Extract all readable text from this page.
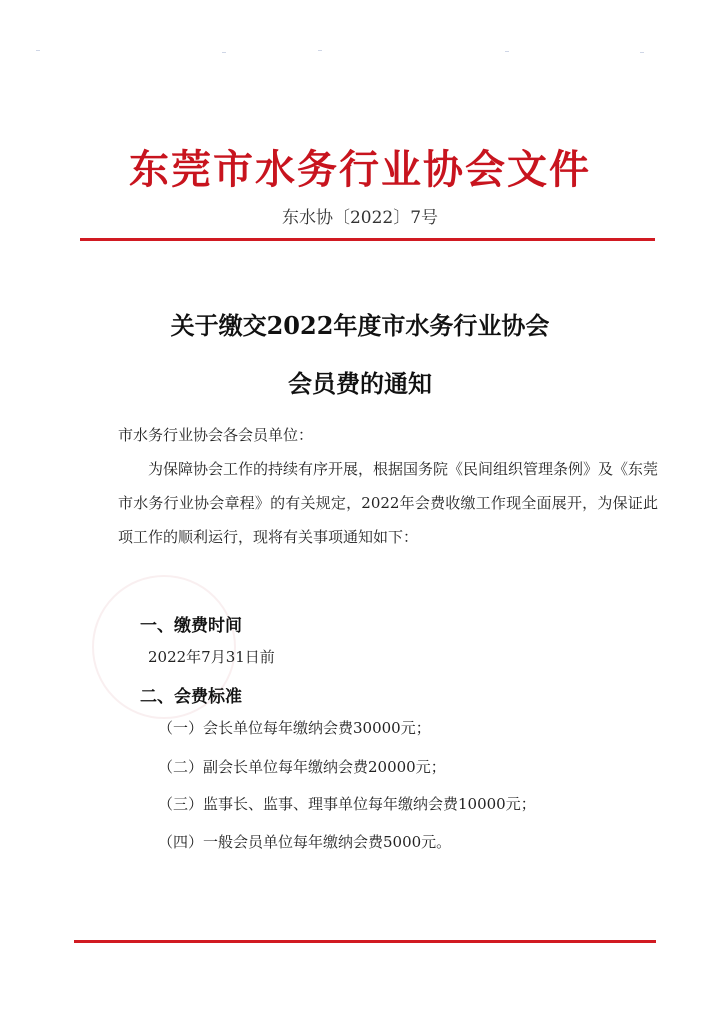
东莞市水务行业协会文件
东水协〔2022〕7号
关于缴交2022年度市水务行业协会
会员费的通知
市水务行业协会各会员单位：
为保障协会工作的持续有序开展，根据国务院《民间组织管理条例》及《东莞市水务行业协会章程》的有关规定，2022年会费收缴工作现全面展开，为保证此项工作的顺利运行，现将有关事项通知如下：
一、缴费时间
2022年7月31日前
二、会费标准
（一）会长单位每年缴纳会费30000元；
（二）副会长单位每年缴纳会费20000元；
（三）监事长、监事、理事单位每年缴纳会费10000元；
（四）一般会员单位每年缴纳会费5000元。
